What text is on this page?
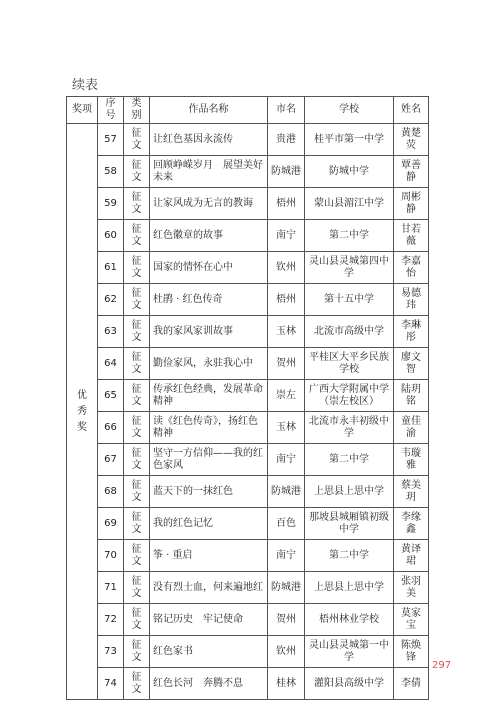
续表
奖项	序号	类别	作品名称	市名	学校	姓名

优
秀
奖	57	征文	让红色基因永流传	贵港	桂平市第一中学	黄楚荧
	58	征文	回顾峥嵘岁月　展望美好未来	防城港	防城中学	覃善静
	59	征文	让家风成为无言的教诲	梧州	蒙山县湄江中学	周彬静
	60	征文	红色徽章的故事	南宁	第二中学	甘若薇
	61	征文	国家的情怀在心中	钦州	灵山县灵城第四中学	李嘉怡
	62	征文	杜鹃 · 红色传奇	梧州	第十五中学	易德玮
	63	征文	我的家风家训故事	玉林	北流市高级中学	李琳彤
	64	征文	勤俭家风，永驻我心中	贺州	平桂区大平乡民族学校	廖文智
	65	征文	传承红色经典，发展革命精神	崇左	广西大学附属中学（崇左校区）	陆玥铭
	66	征文	读《红色传奇》，扬红色精神	玉林	北流市永丰初级中学	童佳渝
	67	征文	坚守一方信仰——我的红色家风	南宁	第二中学	韦璇雅
	68	征文	蓝天下的一抹红色	防城港	上思县上思中学	蔡美玥
	69	征文	我的红色记忆	百色	那坡县城厢镇初级中学	李缘鑫
	70	征文	筝 · 重启	南宁	第二中学	黄译珺
	71	征文	没有烈士血，何来遍地红	防城港	上思县上思中学	张羽美
	72	征文	铭记历史　牢记使命	贺州	梧州林业学校	莫家宝
	73	征文	红色家书	钦州	灵山县灵城第一中学	陈焕锋
	74	征文	红色长河　奔腾不息	桂林	灌阳县高级中学	李倩
297
